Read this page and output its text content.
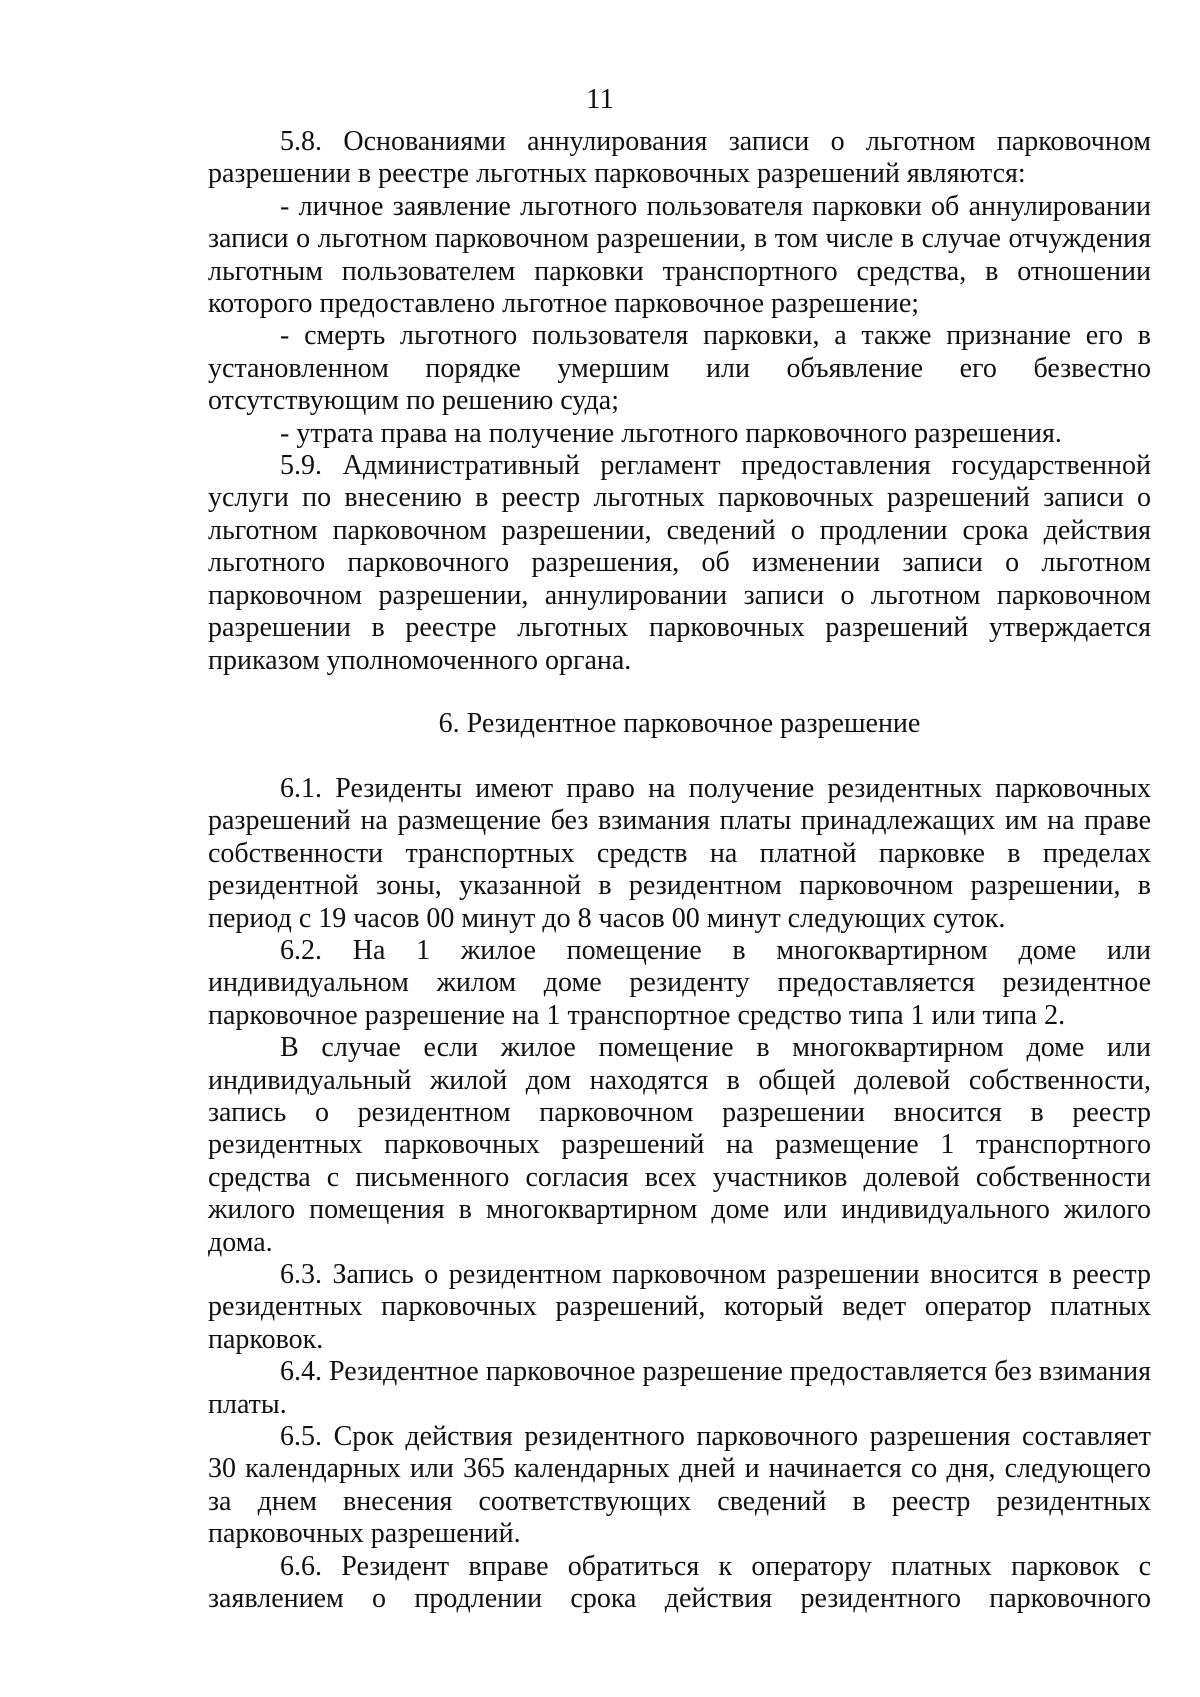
11

5.8. Основаниями аннулирования записи о льготном парковочном разрешении в реестре льготных парковочных разрешений являются:

- личное заявление льготного пользователя парковки об аннулировании записи о льготном парковочном разрешении, в том числе в случае отчуждения льготным пользователем парковки транспортного средства, в отношении которого предоставлено льготное парковочное разрешение;

- смерть льготного пользователя парковки, а также признание его в установленном порядке умершим или объявление его безвестно отсутствующим по решению суда;

- утрата права на получение льготного парковочного разрешения.

5.9. Административный регламент предоставления государственной услуги по внесению в реестр льготных парковочных разрешений записи о льготном парковочном разрешении, сведений о продлении срока действия льготного парковочного разрешения, об изменении записи о льготном парковочном разрешении, аннулировании записи о льготном парковочном разрешении в реестре льготных парковочных разрешений утверждается приказом уполномоченного органа.

6. Резидентное парковочное разрешение

6.1. Резиденты имеют право на получение резидентных парковочных разрешений на размещение без взимания платы принадлежащих им на праве собственности транспортных средств на платной парковке в пределах резидентной зоны, указанной в резидентном парковочном разрешении, в период с 19 часов 00 минут до 8 часов 00 минут следующих суток.

6.2. На 1 жилое помещение в многоквартирном доме или индивидуальном жилом доме резиденту предоставляется резидентное парковочное разрешение на 1 транспортное средство типа 1 или типа 2.

В случае если жилое помещение в многоквартирном доме или индивидуальный жилой дом находятся в общей долевой собственности, запись о резидентном парковочном разрешении вносится в реестр резидентных парковочных разрешений на размещение 1 транспортного средства с письменного согласия всех участников долевой собственности жилого помещения в многоквартирном доме или индивидуального жилого дома.

6.3. Запись о резидентном парковочном разрешении вносится в реестр резидентных парковочных разрешений, который ведет оператор платных парковок.

6.4. Резидентное парковочное разрешение предоставляется без взимания платы.

6.5. Срок действия резидентного парковочного разрешения составляет 30 календарных или 365 календарных дней и начинается со дня, следующего за днем внесения соответствующих сведений в реестр резидентных парковочных разрешений.

6.6. Резидент вправе обратиться к оператору платных парковок с заявлением о продлении срока действия резидентного парковочного
